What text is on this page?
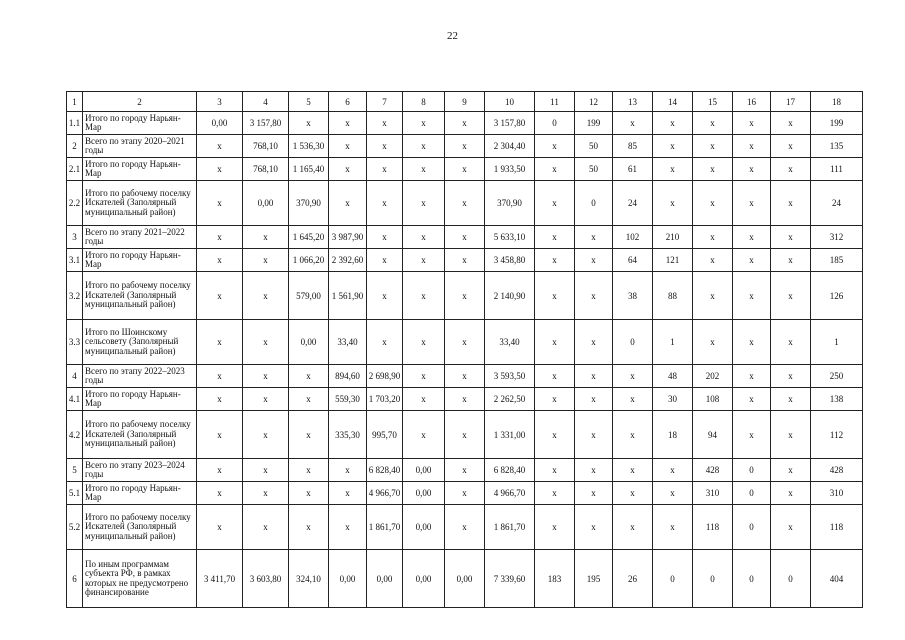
22
1	2	3	4	5	6	7	8	9	10	11	12	13	14	15	16	17	18
1.1	Итого по городу Нарьян-Мар	0,00	3 157,80	х	х	х	х	х	3 157,80	0	199	х	х	х	х	х	199
2	Всего по этапу 2020–2021 годы	х	768,10	1 536,30	х	х	х	х	2 304,40	х	50	85	х	х	х	х	135
2.1	Итого по городу Нарьян-Мар	х	768,10	1 165,40	х	х	х	х	1 933,50	х	50	61	х	х	х	х	111
2.2	Итого по рабочему поселку Искателей (Заполярный муниципальный район)	х	0,00	370,90	х	х	х	х	370,90	х	0	24	х	х	х	х	24
3	Всего по этапу 2021–2022 годы	х	х	1 645,20	3 987,90	х	х	х	5 633,10	х	х	102	210	х	х	х	312
3.1	Итого по городу Нарьян-Мар	х	х	1 066,20	2 392,60	х	х	х	3 458,80	х	х	64	121	х	х	х	185
3.2	Итого по рабочему поселку Искателей (Заполярный муниципальный район)	х	х	579,00	1 561,90	х	х	х	2 140,90	х	х	38	88	х	х	х	126
3.3	Итого по Шоинскому сельсовету (Заполярный муниципальный район)	х	х	0,00	33,40	х	х	х	33,40	х	х	0	1	х	х	х	1
4	Всего по этапу 2022–2023 годы	х	х	х	894,60	2 698,90	х	х	3 593,50	х	х	х	48	202	х	х	250
4.1	Итого по городу Нарьян-Мар	х	х	х	559,30	1 703,20	х	х	2 262,50	х	х	х	30	108	х	х	138
4.2	Итого по рабочему поселку Искателей (Заполярный муниципальный район)	х	х	х	335,30	995,70	х	х	1 331,00	х	х	х	18	94	х	х	112
5	Всего по этапу 2023–2024 годы	х	х	х	х	6 828,40	0,00	х	6 828,40	х	х	х	х	428	0	х	428
5.1	Итого по городу Нарьян-Мар	х	х	х	х	4 966,70	0,00	х	4 966,70	х	х	х	х	310	0	х	310
5.2	Итого по рабочему поселку Искателей (Заполярный муниципальный район)	х	х	х	х	1 861,70	0,00	х	1 861,70	х	х	х	х	118	0	х	118
6	По иным программам субъекта РФ, в рамках которых не предусмотрено финансирование	3 411,70	3 603,80	324,10	0,00	0,00	0,00	0,00	7 339,60	183	195	26	0	0	0	0	404
